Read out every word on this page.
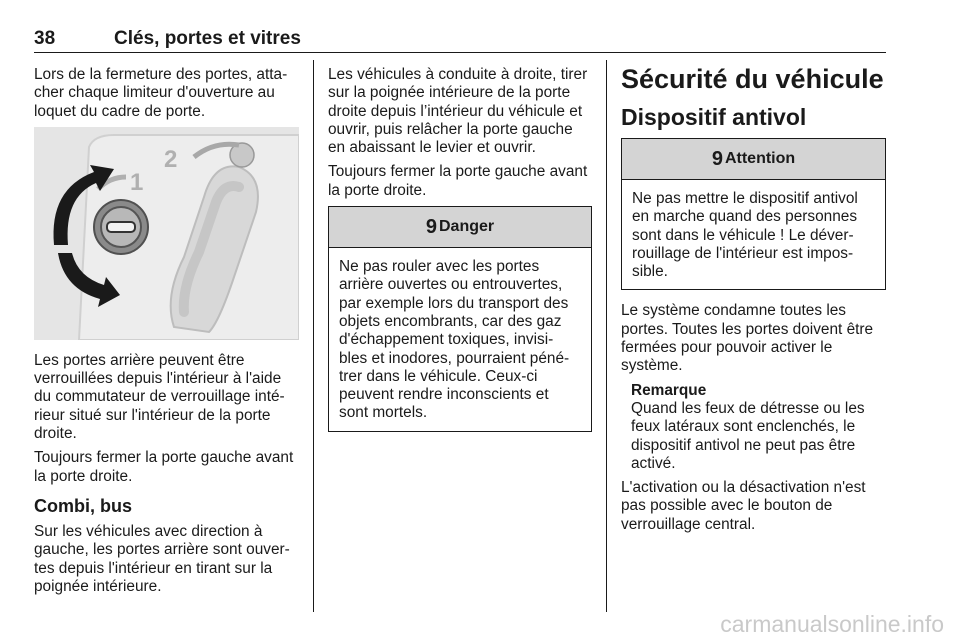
38	Clés, portes et vitres

Lors de la fermeture des portes, atta-cher chaque limiteur d'ouverture au loquet du cadre de porte.

2
1

Les portes arrière peuvent être verrouillées depuis l'intérieur à l'aide du commutateur de verrouillage inté-rieur situé sur l'intérieur de la porte droite.

Toujours fermer la porte gauche avant la porte droite.

Combi, bus

Sur les véhicules avec direction à gauche, les portes arrière sont ouver-tes depuis l'intérieur en tirant sur la poignée intérieure.

Les véhicules à conduite à droite, tirer sur la poignée intérieure de la porte droite depuis l’intérieur du véhicule et ouvrir, puis relâcher la porte gauche en abaissant le levier et ouvrir.

Toujours fermer la porte gauche avant la porte droite.

9 Danger

Ne pas rouler avec les portes arrière ouvertes ou entrouvertes, par exemple lors du transport des objets encombrants, car des gaz d'échappement toxiques, invisi-bles et inodores, pourraient péné-trer dans le véhicule. Ceux-ci peuvent rendre inconscients et sont mortels.

Sécurité du véhicule
Dispositif antivol
9 Attention

Ne pas mettre le dispositif antivol en marche quand des personnes sont dans le véhicule ! Le déver-rouillage de l'intérieur est impos-sible.

Le système condamne toutes les portes. Toutes les portes doivent être fermées pour pouvoir activer le système.

Remarque

Quand les feux de détresse ou les feux latéraux sont enclenchés, le dispositif antivol ne peut pas être activé.

L'activation ou la désactivation n'est pas possible avec le bouton de verrouillage central.

carmanualsonline.info
